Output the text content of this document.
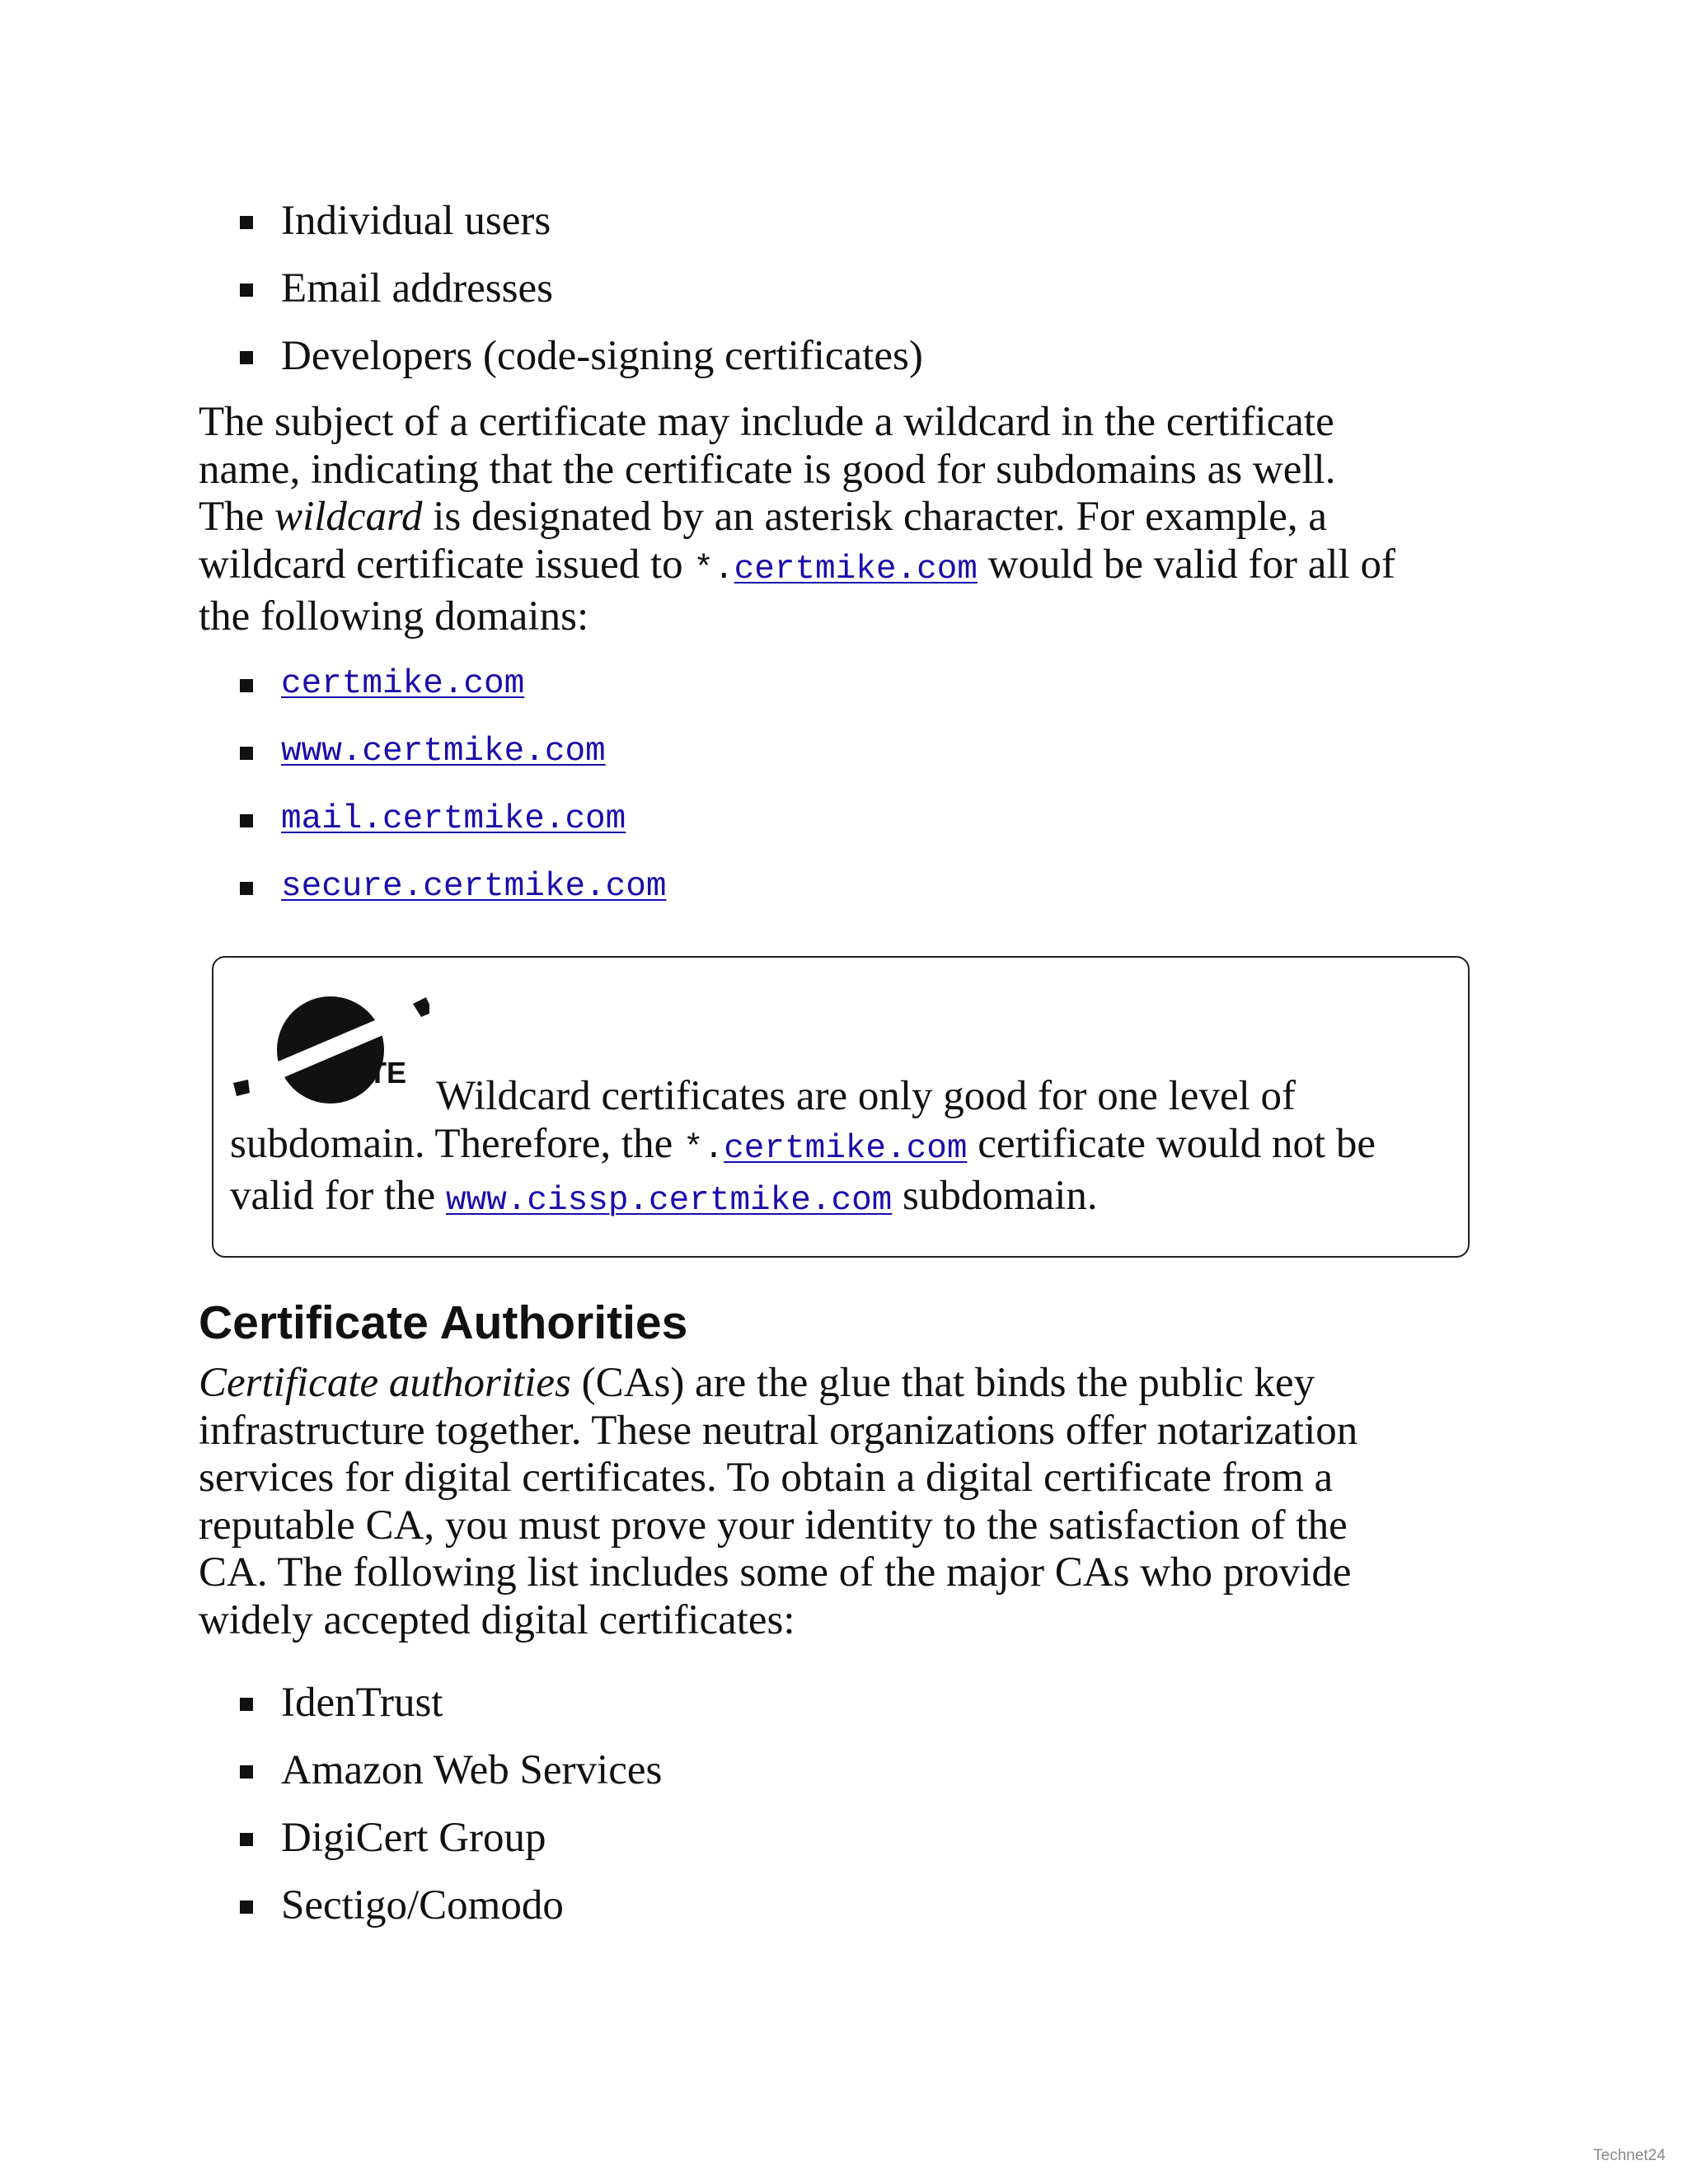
Individual users
Email addresses
Developers (code-signing certificates)
The subject of a certificate may include a wildcard in the certificate
name, indicating that the certificate is good for subdomains as well.
The wildcard is designated by an asterisk character. For example, a
wildcard certificate issued to *.certmike.com would be valid for all of
the following domains:
certmike.com
www.certmike.com
mail.certmike.com
secure.certmike.com
NOTE
Wildcard certificates are only good for one level of
subdomain. Therefore, the *.certmike.com certificate would not be
valid for the www.cissp.certmike.com subdomain.
Certificate Authorities
Certificate authorities (CAs) are the glue that binds the public key
infrastructure together. These neutral organizations offer notarization
services for digital certificates. To obtain a digital certificate from a
reputable CA, you must prove your identity to the satisfaction of the
CA. The following list includes some of the major CAs who provide
widely accepted digital certificates:
IdenTrust
Amazon Web Services
DigiCert Group
Sectigo/Comodo
Technet24
